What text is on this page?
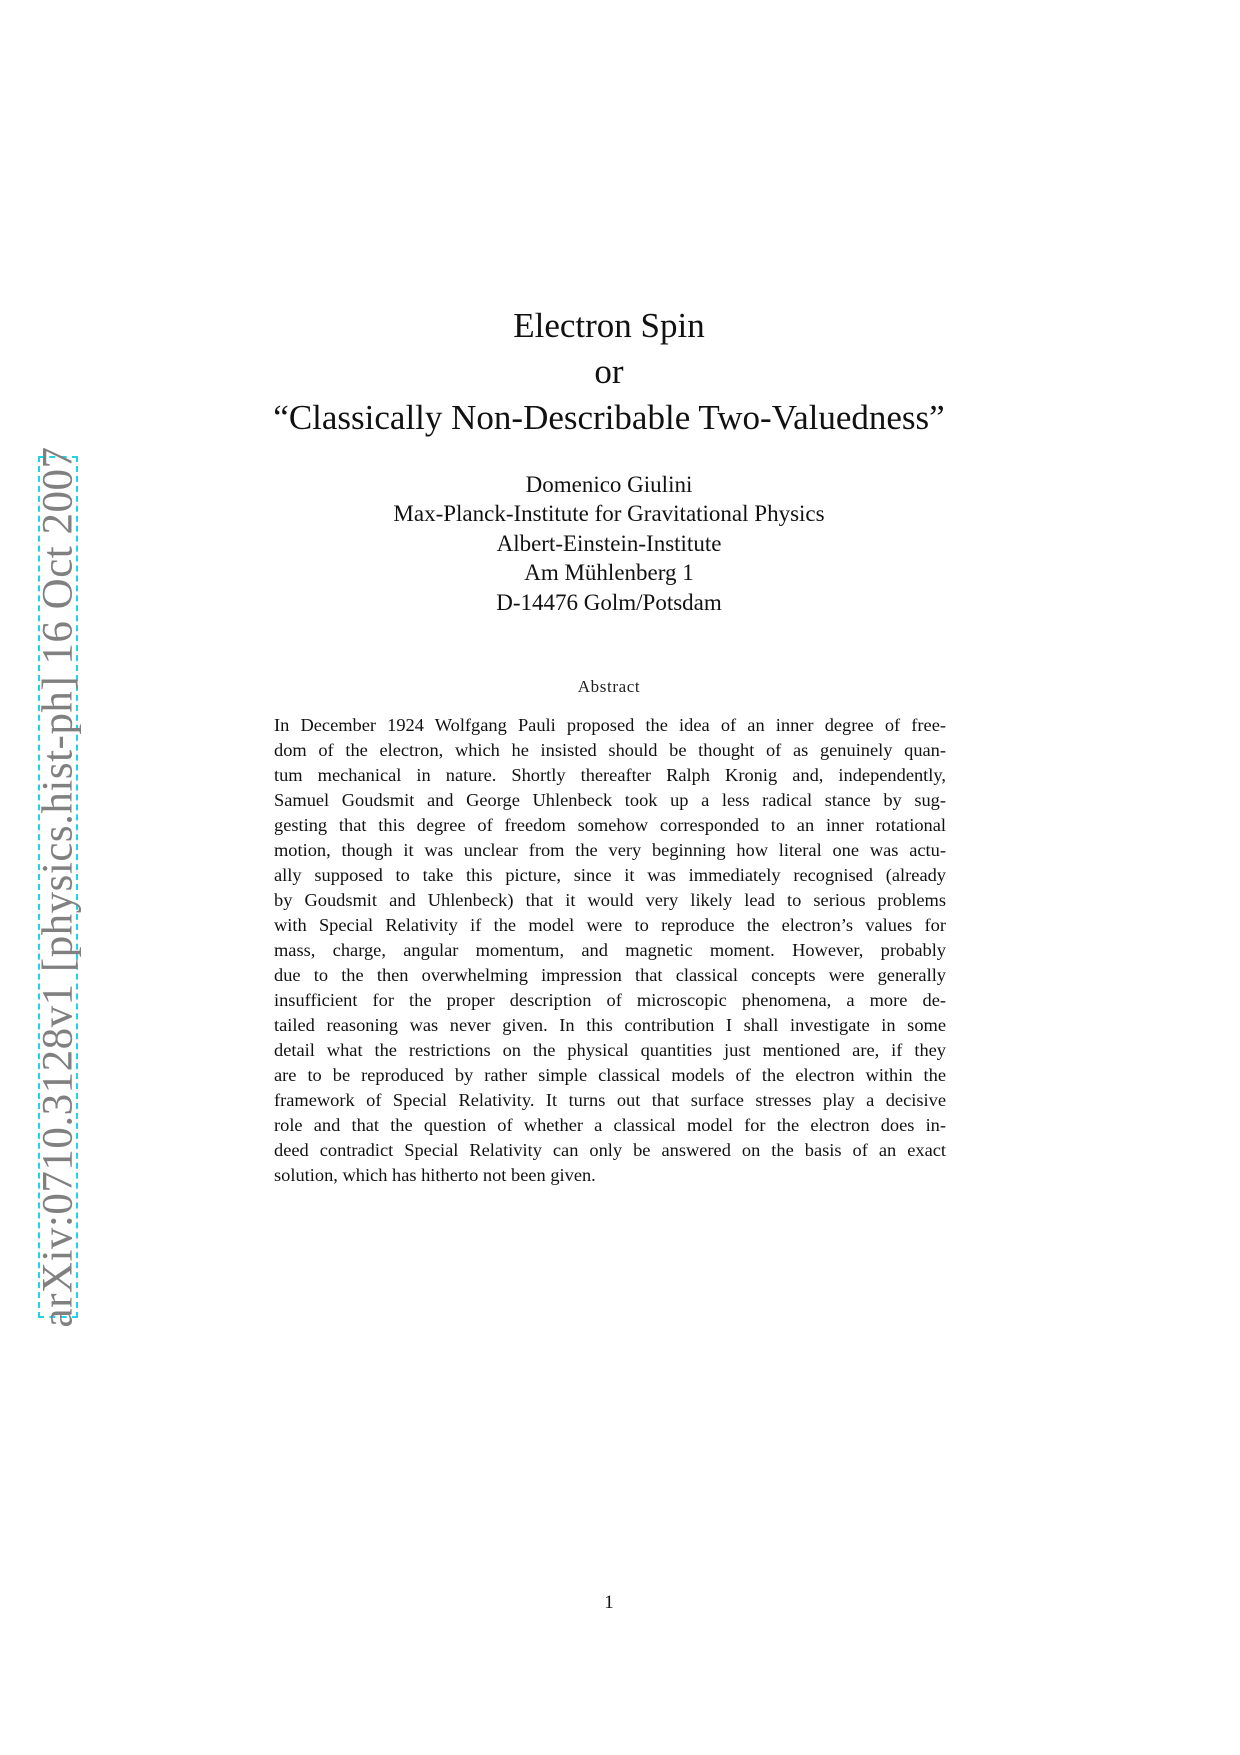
arXiv:0710.3128v1 [physics.hist-ph] 16 Oct 2007
Electron Spin
or
“Classically Non-Describable Two-Valuedness”
Domenico Giulini
Max-Planck-Institute for Gravitational Physics
Albert-Einstein-Institute
Am Mühlenberg 1
D-14476 Golm/Potsdam
Abstract
In December 1924 Wolfgang Pauli proposed the idea of an inner degree of free-
dom of the electron, which he insisted should be thought of as genuinely quan-
tum mechanical in nature. Shortly thereafter Ralph Kronig and, independently,
Samuel Goudsmit and George Uhlenbeck took up a less radical stance by sug-
gesting that this degree of freedom somehow corresponded to an inner rotational
motion, though it was unclear from the very beginning how literal one was actu-
ally supposed to take this picture, since it was immediately recognised (already
by Goudsmit and Uhlenbeck) that it would very likely lead to serious problems
with Special Relativity if the model were to reproduce the electron’s values for
mass, charge, angular momentum, and magnetic moment. However, probably
due to the then overwhelming impression that classical concepts were generally
insufficient for the proper description of microscopic phenomena, a more de-
tailed reasoning was never given. In this contribution I shall investigate in some
detail what the restrictions on the physical quantities just mentioned are, if they
are to be reproduced by rather simple classical models of the electron within the
framework of Special Relativity. It turns out that surface stresses play a decisive
role and that the question of whether a classical model for the electron does in-
deed contradict Special Relativity can only be answered on the basis of an exact
solution, which has hitherto not been given.
1
